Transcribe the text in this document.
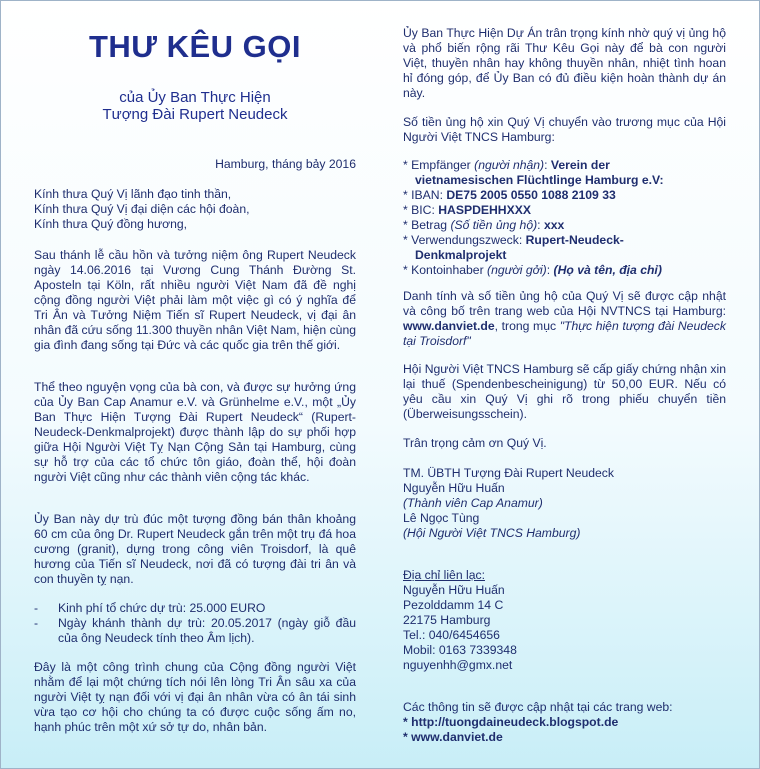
THƯ KÊU GỌI
của Ủy Ban Thực Hiện
Tượng Đài Rupert Neudeck

Hamburg, tháng bảy 2016

Kính thưa Quý Vị lãnh đạo tinh thần,

Kính thưa Quý Vị đại diện các hội đoàn,

Kính thưa Quý đồng hương,

Sau thánh lễ cầu hồn và tưởng niệm ông Rupert Neudeck ngày 14.06.2016 tại Vương Cung Thánh Đường St. Aposteln tại Köln, rất nhiều người Việt Nam đã đề nghị cộng đồng người Việt phải làm một việc gì có ý nghĩa để Tri Ân và Tưởng Niệm Tiến sĩ Rupert Neudeck, vị đại ân nhân đã cứu sống 11.300 thuyền nhân Việt Nam, hiện cùng gia đình đang sống tại Đức và các quốc gia trên thế giới.

Thể theo nguyện vọng của bà con, và được sự hưởng ứng của Ủy Ban Cap Anamur e.V. và Grünhelme e.V., một „Ủy Ban Thực Hiện Tượng Đài Rupert Neudeck“ (Rupert-Neudeck-Denkmalprojekt) được thành lập do sự phối hợp giữa Hội Người Việt Tỵ Nạn Cộng Sản tại Hamburg, cùng sự hỗ trợ của các tổ chức tôn giáo, đoàn thể, hội đoàn người Việt cũng như các thành viên cộng tác khác.

Ủy Ban này dự trù đúc một tượng đồng bán thân khoảng 60 cm của ông Dr. Rupert Neudeck gắn trên một trụ đá hoa cương (granit), dựng trong công viên Troisdorf, là quê hương của Tiến sĩ Neudeck, nơi đã có tượng đài tri ân và con thuyền tỵ nạn.

- Kinh phí tổ chức dự trù: 25.000 EURO
- Ngày khánh thành dự trù: 20.05.2017 (ngày giỗ đầu của ông Neudeck tính theo Âm lịch).

Đây là một công trình chung của Cộng đồng người Việt nhằm để lại một chứng tích nói lên lòng Tri Ân sâu xa của người Việt tỵ nạn đối với vị đại ân nhân vừa có ân tái sinh vừa tạo cơ hội cho chúng ta có được cuộc sống ấm no, hạnh phúc trên một xứ sở tự do, nhân bản.

Ủy Ban Thực Hiện Dự Án trân trọng kính nhờ quý vị ủng hộ và phổ biến rộng rãi Thư Kêu Gọi này để bà con người Việt, thuyền nhân hay không thuyền nhân, nhiệt tình hoan hỉ đóng góp, để Ủy Ban có đủ điều kiện hoàn thành dự án này.

Số tiền ủng hộ xin Quý Vị chuyển vào trương mục của Hội Người Việt TNCS Hamburg:

* Empfänger (người nhận): Verein der
vietnamesischen Flüchtlinge Hamburg e.V:
* IBAN: DE75 2005 0550 1088 2109 33
* BIC: HASPDEHHXXX
* Betrag (Số tiền ủng hộ): xxx
* Verwendungszweck: Rupert-Neudeck-
Denkmalprojekt
* Kontoinhaber (người gởi): (Họ và tên, địa chỉ)

Danh tính và số tiền ủng hộ của Quý Vị sẽ được cập nhật và công bố trên trang web của Hội NVTNCS tại Hamburg: www.danviet.de, trong mục "Thực hiện tượng đài Neudeck tại Troisdorf"

Hội Người Việt TNCS Hamburg sẽ cấp giấy chứng nhận xin lại thuế (Spendenbescheinigung) từ 50,00 EUR. Nếu có yêu cầu xin Quý Vị ghi rõ trong phiếu chuyển tiền (Überweisungsschein).

Trân trọng cảm ơn Quý Vị.

TM. ÜBTH Tượng Đài Rupert Neudeck
Nguyễn Hữu Huấn
(Thành viên Cap Anamur)
Lê Ngọc Tùng
(Hội Người Việt TNCS Hamburg)
Địa chỉ liên lạc:
Nguyễn Hữu Huấn
Pezolddamm 14 C
22175 Hamburg
Tel.: 040/6454656
Mobil: 0163 7339348
nguyenhh@gmx.net
Các thông tin sẽ được cập nhật tại các trang web:
* http://tuongdaineudeck.blogspot.de
* www.danviet.de
